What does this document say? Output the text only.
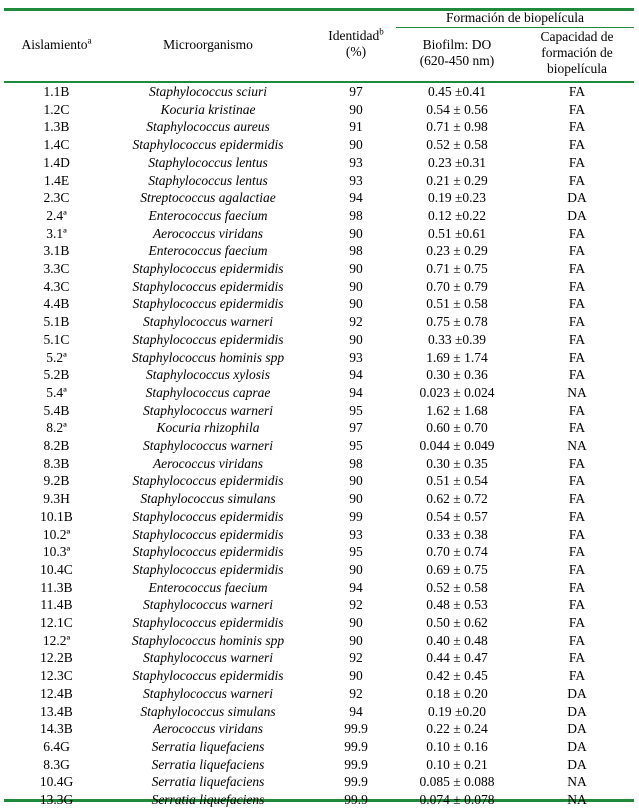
Aislamiento$^a$	Microorganismo
Identidad$^b$
(%)
Formación de biopelícula
Biofilm: DO
(620-450 nm)
Capacidad de
formación de
biopelícula
1.1B	Staphylococcus sciuri	97	0.45 ±0.41	FA
1.2C	Kocuria kristinae	90	0.54 ± 0.56	FA
1.3B	Staphylococcus aureus	91	0.71 ± 0.98	FA
1.4C	Staphylococcus epidermidis	90	0.52 ± 0.58	FA
1.4D	Staphylococcus lentus	93	0.23 ±0.31	FA
1.4E	Staphylococcus lentus	93	0.21 ± 0.29	FA
2.3C	Streptococcus agalactiae	94	0.19 ±0.23	DA
2.4ª	Enterococcus faecium	98	0.12 ±0.22	DA
3.1ª	Aerococcus viridans	90	0.51 ±0.61	FA
3.1B	Enterococcus faecium	98	0.23 ± 0.29	FA
3.3C	Staphylococcus epidermidis	90	0.71 ± 0.75	FA
4.3C	Staphylococcus epidermidis	90	0.70 ± 0.79	FA
4.4B	Staphylococcus epidermidis	90	0.51 ± 0.58	FA
5.1B	Staphylococcus warneri	92	0.75 ± 0.78	FA
5.1C	Staphylococcus epidermidis	90	0.33 ±0.39	FA
5.2ª	Staphylococcus hominis spp	93	1.69 ± 1.74	FA
5.2B	Staphylococcus xylosis	94	0.30 ± 0.36	FA
5.4ª	Staphylococcus caprae	94	0.023 ± 0.024	NA
5.4B	Staphylococcus warneri	95	1.62 ± 1.68	FA
8.2ª	Kocuria rhizophila	97	0.60 ± 0.70	FA
8.2B	Staphylococcus warneri	95	0.044 ± 0.049	NA
8.3B	Aerococcus viridans	98	0.30 ± 0.35	FA
9.2B	Staphylococcus epidermidis	90	0.51 ± 0.54	FA
9.3H	Staphylococcus simulans	90	0.62 ± 0.72	FA
10.1B	Staphylococcus epidermidis	99	0.54 ± 0.57	FA
10.2ª	Staphylococcus epidermidis	93	0.33 ± 0.38	FA
10.3ª	Staphylococcus epidermidis	95	0.70 ± 0.74	FA
10.4C	Staphylococcus epidermidis	90	0.69 ± 0.75	FA
11.3B	Enterococcus faecium	94	0.52 ± 0.58	FA
11.4B	Staphylococcus warneri	92	0.48 ± 0.53	FA
12.1C	Staphylococcus epidermidis	90	0.50 ± 0.62	FA
12.2ª	Staphylococcus hominis spp	90	0.40 ± 0.48	FA
12.2B	Staphylococcus warneri	92	0.44 ± 0.47	FA
12.3C	Staphylococcus epidermidis	90	0.42 ± 0.45	FA
12.4B	Staphylococcus warneri	92	0.18 ± 0.20	DA
13.4B	Staphylococcus simulans	94	0.19 ±0.20	DA
14.3B	Aerococcus viridans	99.9	0.22 ± 0.24	DA
6.4G	Serratia liquefaciens	99.9	0.10 ± 0.16	DA
8.3G	Serratia liquefaciens	99.9	0.10 ± 0.21	DA
10.4G	Serratia liquefaciens	99.9	0.085 ± 0.088	NA
13.3G	Serratia liquefaciens	99.9	0.074 ± 0.078	NA
